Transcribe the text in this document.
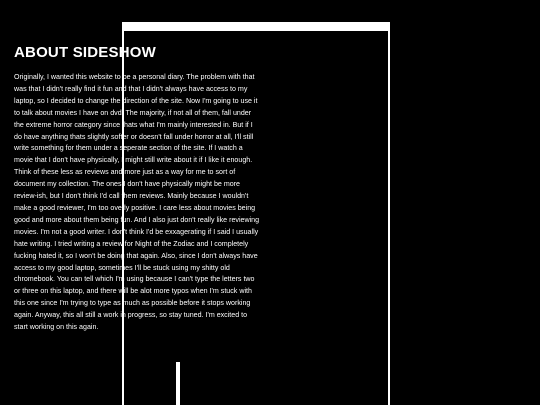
ABOUT SIDESHOW
Originally, I wanted this website to be a personal diary. The problem with that
was that I didn't really find it fun and that I didn't always have access to my
laptop, so I decided to change the direction of the site. Now I'm going to use it
to talk about movies I have on dvd. The majority, if not all of them, fall under
the extreme horror category since thats what I'm mainly interested in. But if I
do have anything thats slightly softer or doesn't fall under horror at all, I'll still
write something for them under a seperate section of the site. If I watch a
movie that I don't have physically, I might still write about it if I like it enough.
Think of these less as reviews and more just as a way for me to sort of
document my collection. The ones I don't have physically might be more
review-ish, but I don't think I'd call them reviews. Mainly because I wouldn't
make a good reviewer, I'm too overly positive. I care less about movies being
good and more about them being fun. And I also just don't really like reviewing
movies. I'm not a good writer. I don't think I'd be exxagerating if I said I usually
hate writing. I tried writing a review for Night of the Zodiac and I completely
fucking hated it, so I won't be doing that again. Also, since I don't always have
access to my good laptop, sometimes I'll be stuck using my shitty old
chromebook. You can tell which I'm using because I can't type the letters two
or three on this laptop, and there will be alot more typos when I'm stuck with
this one since I'm trying to type as much as possible before it stops working
again. Anyway, this all still a work in progress, so stay tuned. I'm excited to
start working on this again.
